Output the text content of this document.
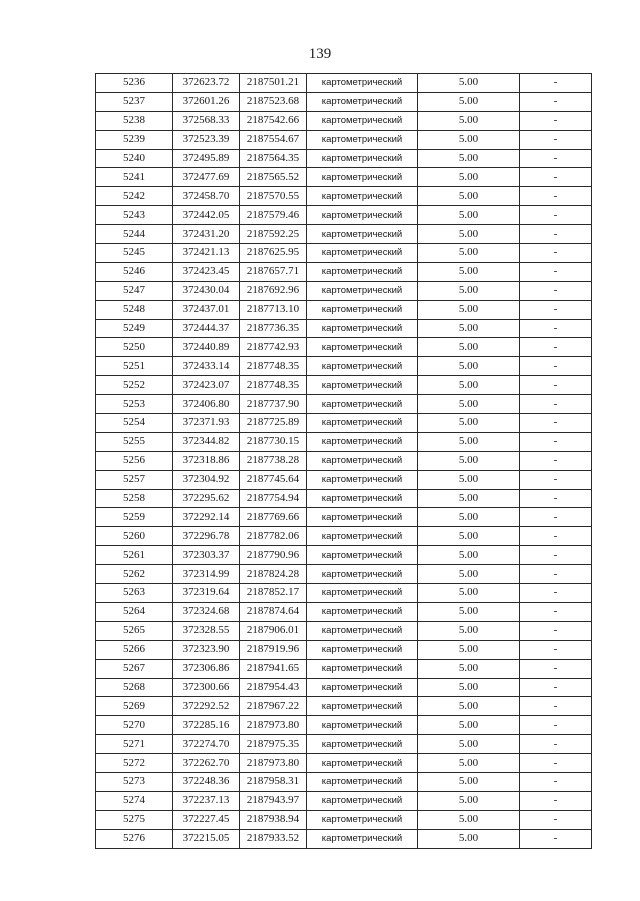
139
5236	372623.72	2187501.21	картометрический	5.00	-
5237	372601.26	2187523.68	картометрический	5.00	-
5238	372568.33	2187542.66	картометрический	5.00	-
5239	372523.39	2187554.67	картометрический	5.00	-
5240	372495.89	2187564.35	картометрический	5.00	-
5241	372477.69	2187565.52	картометрический	5.00	-
5242	372458.70	2187570.55	картометрический	5.00	-
5243	372442.05	2187579.46	картометрический	5.00	-
5244	372431.20	2187592.25	картометрический	5.00	-
5245	372421.13	2187625.95	картометрический	5.00	-
5246	372423.45	2187657.71	картометрический	5.00	-
5247	372430.04	2187692.96	картометрический	5.00	-
5248	372437.01	2187713.10	картометрический	5.00	-
5249	372444.37	2187736.35	картометрический	5.00	-
5250	372440.89	2187742.93	картометрический	5.00	-
5251	372433.14	2187748.35	картометрический	5.00	-
5252	372423.07	2187748.35	картометрический	5.00	-
5253	372406.80	2187737.90	картометрический	5.00	-
5254	372371.93	2187725.89	картометрический	5.00	-
5255	372344.82	2187730.15	картометрический	5.00	-
5256	372318.86	2187738.28	картометрический	5.00	-
5257	372304.92	2187745.64	картометрический	5.00	-
5258	372295.62	2187754.94	картометрический	5.00	-
5259	372292.14	2187769.66	картометрический	5.00	-
5260	372296.78	2187782.06	картометрический	5.00	-
5261	372303.37	2187790.96	картометрический	5.00	-
5262	372314.99	2187824.28	картометрический	5.00	-
5263	372319.64	2187852.17	картометрический	5.00	-
5264	372324.68	2187874.64	картометрический	5.00	-
5265	372328.55	2187906.01	картометрический	5.00	-
5266	372323.90	2187919.96	картометрический	5.00	-
5267	372306.86	2187941.65	картометрический	5.00	-
5268	372300.66	2187954.43	картометрический	5.00	-
5269	372292.52	2187967.22	картометрический	5.00	-
5270	372285.16	2187973.80	картометрический	5.00	-
5271	372274.70	2187975.35	картометрический	5.00	-
5272	372262.70	2187973.80	картометрический	5.00	-
5273	372248.36	2187958.31	картометрический	5.00	-
5274	372237.13	2187943.97	картометрический	5.00	-
5275	372227.45	2187938.94	картометрический	5.00	-
5276	372215.05	2187933.52	картометрический	5.00	-
